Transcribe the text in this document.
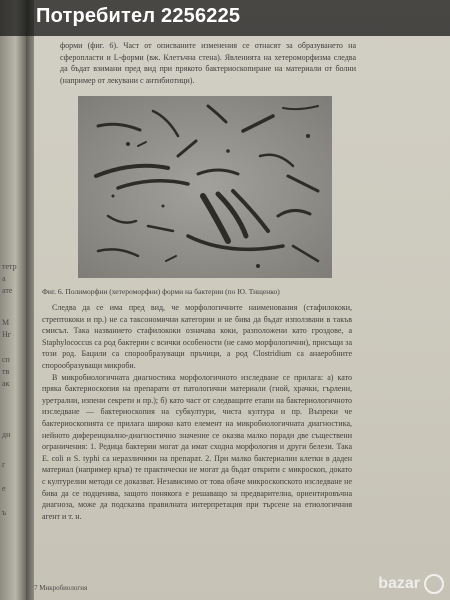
тетр
а
ате
М
Нг
сп
тв
ак
дн
г
е
ъ

форми (фиг. 6). Част от описваните изменения се отнасят за образуването на сферопласти и L-форми (вж. Клетъчна стена). Явленията на хетероморфизма следва да бъдат взимани пред вид при прякото бактериоскопиране на материали от болни (например от лекувани с антибиотици).

Фиг. 6. Полиморфни (хетероморфни) форми на бактерии (по Ю. Тищенко)

Следва да се има пред вид, че морфологичните наименования (стафилококи, стрептококи и пр.) не са таксономични категории и не бива да бъдат използвани в такъв смисъл. Така названието стафилококи означава коки, разположени като гроздове, а Staphylococcus са род бактерии с всички особености (не само морфологични), присъщи за този род. Бацили са спорообразуващи пръчици, а род Clostridium са анаеробните спорообразуващи микроби.

В микробиологичната диагностика морфологичното изследване се прилага: а) като пряка бактериоскопия на препарати от патологични материали (гной, храчки, гърлени, уретрални, изпени секрети и пр.); б) като част от следващите етапи на бактериологичното изследване — бактериоскопия на субкултури, чиста култура и пр. Въпреки че бактериоскопията се прилага широко като елемент на микробиологичната диагностика, нейното диференциално-диагностично значение се оказва малко поради две съществени ограничения: 1. Редица бактерии могат да имат сходна морфология и други белези. Така E. coli и S. typhi са неразличими на препарат. 2. При малко бактериални клетки в даден материал (например кръв) те практически не могат да бъдат открити с микроскоп, докато с културелни методи се доказват. Независимо от това обаче микроскопското изследване не бива да се подценява, защото понякога е решаващо за предварителна, ориентировъчна диагноза, може да подсказва правилната интерпретация при търсене на етиологичния агент и т. н.

7 Микробиология
Потребител 2256225
bazar
